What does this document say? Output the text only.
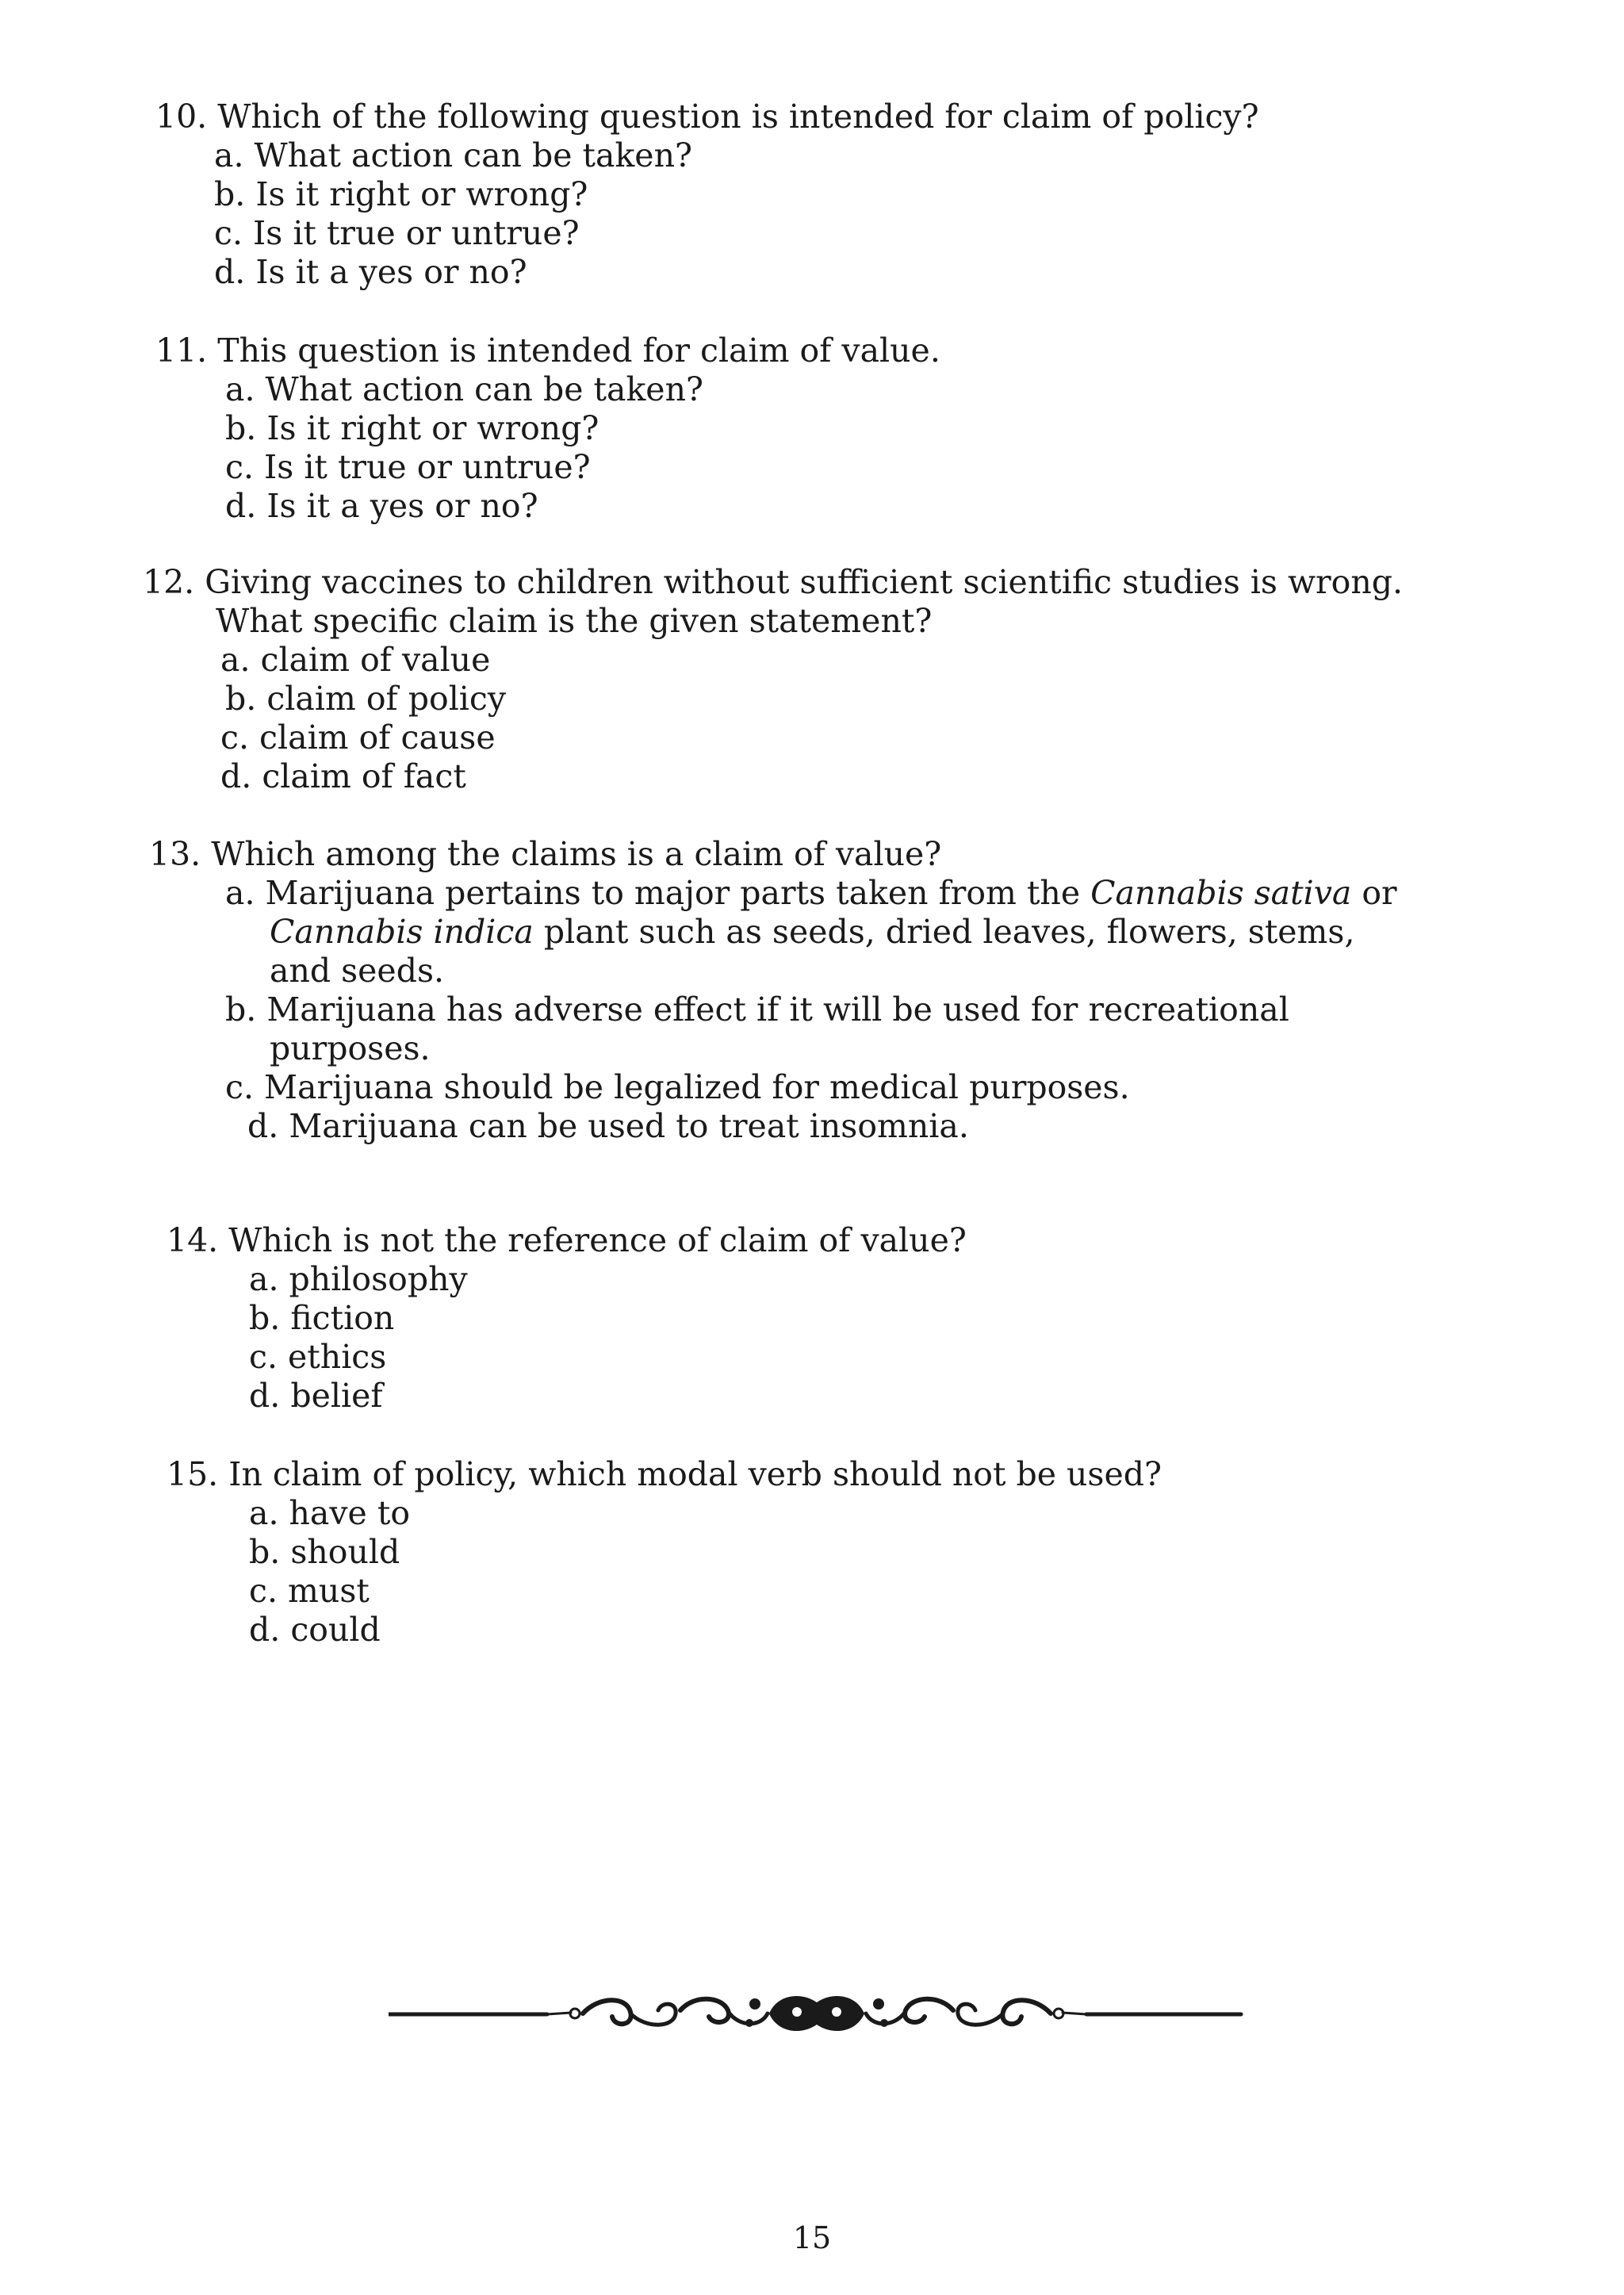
10. Which of the following question is intended for claim of policy?
a. What action can be taken?
b. Is it right or wrong?
c. Is it true or untrue?
d. Is it a yes or no?
11. This question is intended for claim of value.
a. What action can be taken?
b. Is it right or wrong?
c. Is it true or untrue?
d. Is it a yes or no?
12. Giving vaccines to children without sufficient scientific studies is wrong.
What specific claim is the given statement?
a. claim of value
b. claim of policy
c. claim of cause
d. claim of fact
13. Which among the claims is a claim of value?
a. Marijuana pertains to major parts taken from the Cannabis sativa or
Cannabis indica plant such as seeds, dried leaves, flowers, stems,
and seeds.
b. Marijuana has adverse effect if it will be used for recreational
purposes.
c. Marijuana should be legalized for medical purposes.
d. Marijuana can be used to treat insomnia.
14. Which is not the reference of claim of value?
a. philosophy
b. fiction
c. ethics
d. belief
15. In claim of policy, which modal verb should not be used?
a. have to
b. should
c. must
d. could
15
